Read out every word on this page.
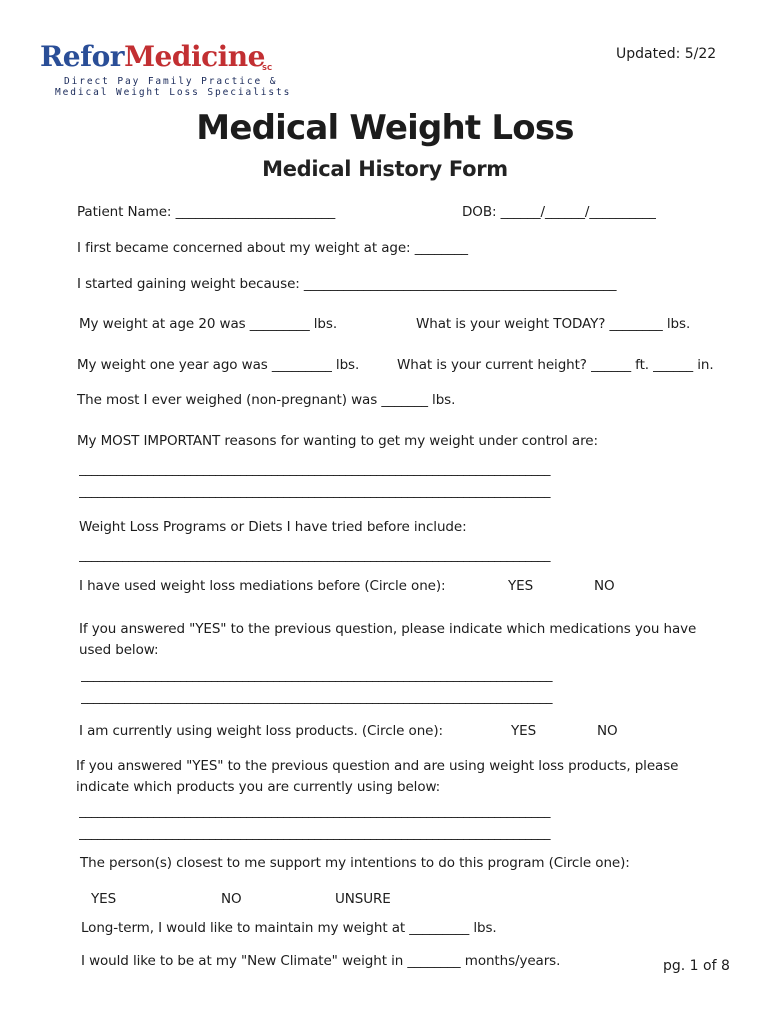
ReforMedicine
SC
Direct Pay Family Practice &
Medical Weight Loss Specialists
Updated: 5/22
Medical Weight Loss
Medical History Form
Patient Name: ________________________	DOB: ______/______/__________
I first became concerned about my weight at age: ________
I started gaining weight because: _______________________________________________
My weight at age 20 was _________ lbs.	What is your weight TODAY? ________ lbs.
My weight one year ago was _________ lbs.	What is your current height? ______ ft. ______ in.
The most I ever weighed (non-pregnant) was _______ lbs.
My MOST IMPORTANT reasons for wanting to get my weight under control are:
____________________________________________________________________________
____________________________________________________________________________
Weight Loss Programs or Diets I have tried before include:
____________________________________________________________________________
I have used weight loss mediations before (Circle one):	YES	NO
If you answered "YES" to the previous question, please indicate which medications you have used below:
____________________________________________________________________________
____________________________________________________________________________
I am currently using weight loss products. (Circle one):	YES	NO
If you answered "YES" to the previous question and are using weight loss products, please indicate which products you are currently using below:
____________________________________________________________________________
____________________________________________________________________________
The person(s) closest to me support my intentions to do this program (Circle one):
YES	NO	UNSURE
Long-term, I would like to maintain my weight at _________ lbs.
I would like to be at my "New Climate" weight in ________ months/years.	pg. 1 of 8
